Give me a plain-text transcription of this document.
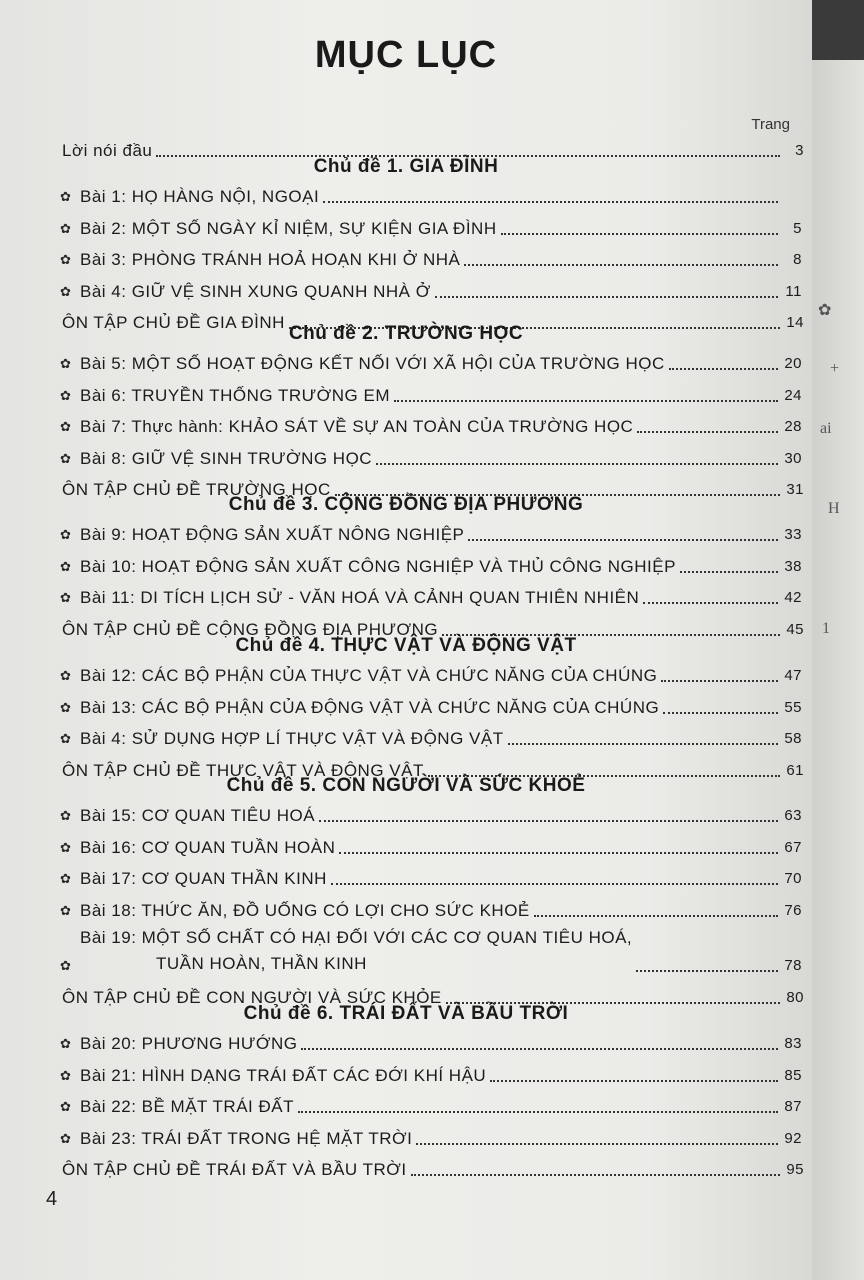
MỤC LỤC
Trang
Lời nói đầu	3
Chủ đề 1. GIA ĐÌNH
✿ Bài 1: HỌ HÀNG NỘI, NGOẠI
✿ Bài 2: MỘT SỐ NGÀY KỈ NIỆM, SỰ KIỆN GIA ĐÌNH	5
✿ Bài 3: PHÒNG TRÁNH HOẢ HOẠN KHI Ở NHÀ	8
✿ Bài 4: GIỮ VỆ SINH XUNG QUANH NHÀ Ở	11
ÔN TẬP CHỦ ĐỀ GIA ĐÌNH	14
Chủ đề 2. TRƯỜNG HỌC
✿ Bài 5: MỘT SỐ HOẠT ĐỘNG KẾT NỐI VỚI XÃ HỘI CỦA TRƯỜNG HỌC	20
✿ Bài 6: TRUYỀN THỐNG TRƯỜNG EM	24
✿ Bài 7: Thực hành: KHẢO SÁT VỀ SỰ AN TOÀN CỦA TRƯỜNG HỌC	28
✿ Bài 8: GIỮ VỆ SINH TRƯỜNG HỌC	30
ÔN TẬP CHỦ ĐỀ TRƯỜNG HỌC	31
Chủ đề 3. CỘNG ĐỒNG ĐỊA PHƯƠNG
✿ Bài 9: HOẠT ĐỘNG SẢN XUẤT NÔNG NGHIỆP	33
✿ Bài 10: HOẠT ĐỘNG SẢN XUẤT CÔNG NGHIỆP VÀ THỦ CÔNG NGHIỆP	38
✿ Bài 11: DI TÍCH LỊCH SỬ - VĂN HOÁ VÀ CẢNH QUAN THIÊN NHIÊN	42
ÔN TẬP CHỦ ĐỀ CỘNG ĐỒNG ĐỊA PHƯƠNG	45
Chủ đề 4. THỰC VẬT VÀ ĐỘNG VẬT
✿ Bài 12: CÁC BỘ PHẬN CỦA THỰC VẬT VÀ CHỨC NĂNG CỦA CHÚNG	47
✿ Bài 13: CÁC BỘ PHẬN CỦA ĐỘNG VẬT VÀ CHỨC NĂNG CỦA CHÚNG	55
✿ Bài 4: SỬ DỤNG HỢP LÍ THỰC VẬT VÀ ĐỘNG VẬT	58
ÔN TẬP CHỦ ĐỀ THỰC VẬT VÀ ĐỘNG VẬT	61
Chủ đề 5. CON NGƯỜI VÀ SỨC KHOẺ
✿ Bài 15: CƠ QUAN TIÊU HOÁ	63
✿ Bài 16: CƠ QUAN TUẦN HOÀN	67
✿ Bài 17: CƠ QUAN THẦN KINH	70
✿ Bài 18: THỨC ĂN, ĐỒ UỐNG CÓ LỢI CHO SỨC KHOẺ	76
✿
Bài 19: MỘT SỐ CHẤT CÓ HẠI ĐỐI VỚI CÁC CƠ QUAN TIÊU HOÁ,
TUẦN HOÀN, THẦN KINH	78
ÔN TẬP CHỦ ĐỀ CON NGƯỜI VÀ SỨC KHỎE	80
Chủ đề 6. TRÁI ĐẤT VÀ BẦU TRỜI
✿ Bài 20: PHƯƠNG HƯỚNG	83
✿ Bài 21: HÌNH DẠNG TRÁI ĐẤT CÁC ĐỚI KHÍ HẬU	85
✿ Bài 22: BỀ MẶT TRÁI ĐẤT	87
✿ Bài 23: TRÁI ĐẤT TRONG HỆ MẶT TRỜI	92
ÔN TẬP CHỦ ĐỀ TRÁI ĐẤT VÀ BẦU TRỜI	95
4
✿
+
ai
H
1
